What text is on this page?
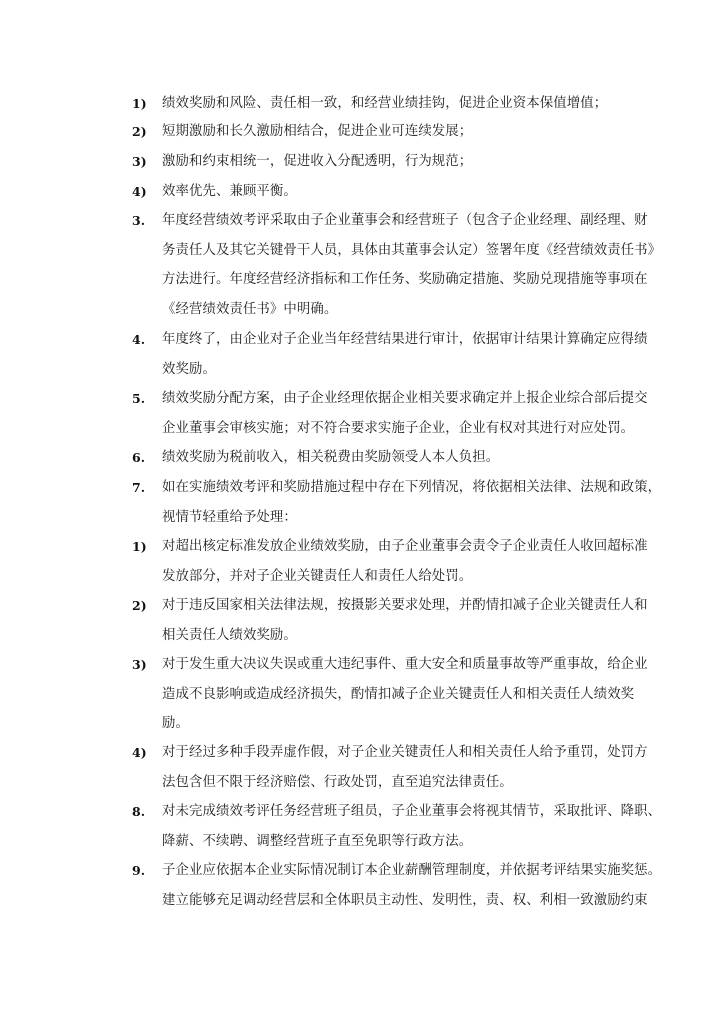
1) 绩效奖励和风险、责任相一致，和经营业绩挂钩，促进企业资本保值增值；
2) 短期激励和长久激励相结合，促进企业可连续发展；
3) 激励和约束相统一，促进收入分配透明，行为规范；
4) 效率优先、兼顾平衡。
3. 年度经营绩效考评采取由子企业董事会和经营班子（包含子企业经理、副经理、财
务责任人及其它关键骨干人员，具体由其董事会认定）签署年度《经营绩效责任书》
方法进行。年度经营经济指标和工作任务、奖励确定措施、奖励兑现措施等事项在
《经营绩效责任书》中明确。
4. 年度终了，由企业对子企业当年经营结果进行审计，依据审计结果计算确定应得绩
效奖励。
5. 绩效奖励分配方案，由子企业经理依据企业相关要求确定并上报企业综合部后提交
企业董事会审核实施；对不符合要求实施子企业，企业有权对其进行对应处罚。
6. 绩效奖励为税前收入，相关税费由奖励领受人本人负担。
7. 如在实施绩效考评和奖励措施过程中存在下列情况，将依据相关法律、法规和政策，
视情节轻重给予处理：
1) 对超出核定标准发放企业绩效奖励，由子企业董事会责令子企业责任人收回超标准
发放部分，并对子企业关键责任人和责任人给处罚。
2) 对于违反国家相关法律法规，按摄影关要求处理，并酌情扣减子企业关键责任人和
相关责任人绩效奖励。
3) 对于发生重大决议失误或重大违纪事件、重大安全和质量事故等严重事故，给企业
造成不良影响或造成经济损失，酌情扣减子企业关键责任人和相关责任人绩效奖
励。
4) 对于经过多种手段弄虚作假，对子企业关键责任人和相关责任人给予重罚，处罚方
法包含但不限于经济赔偿、行政处罚，直至追究法律责任。
8. 对未完成绩效考评任务经营班子组员，子企业董事会将视其情节，采取批评、降职、
降薪、不续聘、调整经营班子直至免职等行政方法。
9. 子企业应依据本企业实际情况制订本企业薪酬管理制度，并依据考评结果实施奖惩。
建立能够充足调动经营层和全体职员主动性、发明性，责、权、利相一致激励约束
